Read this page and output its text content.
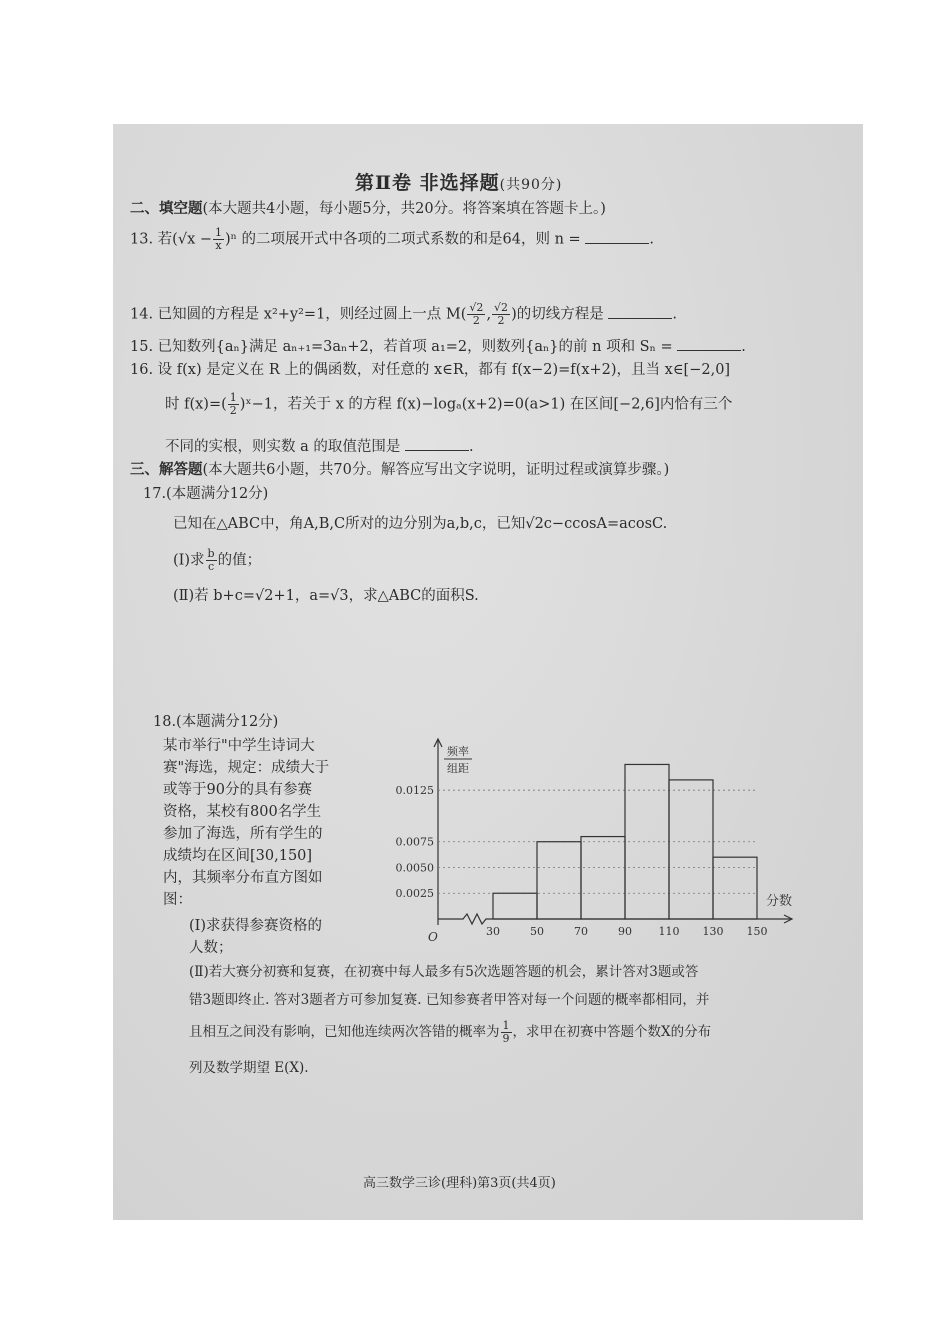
第Ⅱ卷 非选择题(共90分)
二、填空题(本大题共4小题，每小题5分，共20分。将答案填在答题卡上。)
13. 若$(√x - \frac{1}{x} )^n$ 的二项展开式中各项的二项式系数的和是64，则 n =	.
14. 已知圆的方程是 x²+y²=1，则经过圆上一点 $M( \frac{√2}{2}$ , $\frac{√2}{2}$ )的切线方程是	.
15. 已知数列{aₙ}满足 aₙ₊₁=3aₙ+2，若首项 a₁=2，则数列{aₙ}的前 n 项和 Sₙ =	.
16. 设 f(x) 是定义在 R 上的偶函数，对任意的 x∈R，都有 f(x−2)=f(x+2)，且当 x∈[−2,0]
时 $f(x)=( \frac{1}{2}$ )ˣ−1，若关于 x 的方程 f(x)−logₐ(x+2)=0(a>1) 在区间[−2,6]内恰有三个
不同的实根，则实数 a 的取值范围是	.
三、解答题(本大题共6小题，共70分。解答应写出文字说明，证明过程或演算步骤。)
17.(本题满分12分)
已知在△ABC中，角A,B,C所对的边分别为a,b,c，已知√2c−ccosA=acosC.
(Ⅰ)求 $\frac{b}{c}$ 的值；
(Ⅱ)若 b+c=√2+1，a=√3，求△ABC的面积S.
18.(本题满分12分)
某市举行"中学生诗词大
赛"海选，规定：成绩大于
或等于90分的具有参赛
资格，某校有800名学生
参加了海选，所有学生的
成绩均在区间[30,150]
内，其频率分布直方图如
图：
(Ⅰ)求获得参赛资格的
人数；
频率
组距
O
0.0025
0.0050
0.0075
0.0125
30	50	70	90 110 130 150
分数
(Ⅱ)若大赛分初赛和复赛，在初赛中每人最多有5次选题答题的机会，累计答对3题或答
错3题即终止. 答对3题者方可参加复赛. 已知参赛者甲答对每一个问题的概率都相同，并
且相互之间没有影响，已知他连续两次答错的概率为 $\frac{1}{9}$ ，求甲在初赛中答题个数X的分布
列及数学期望 E(X).
高三数学三诊(理科)第3页(共4页)
